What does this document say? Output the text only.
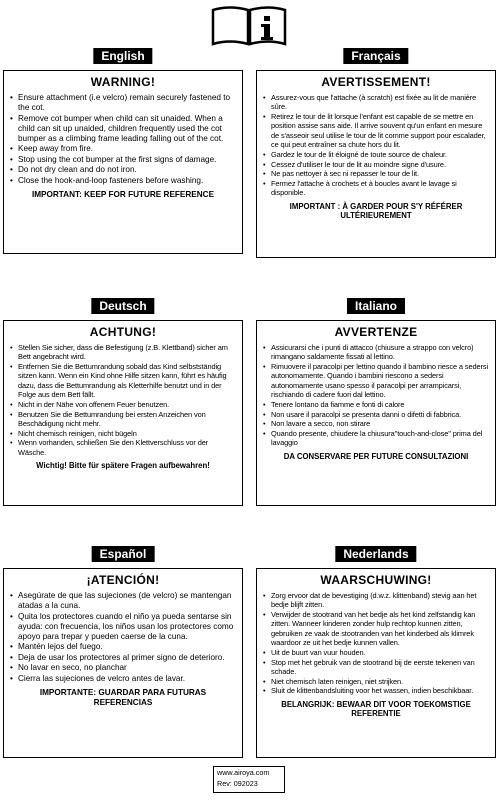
English
WARNING!
• Ensure attachment (i.e velcro) remain securely fastened to the cot.
• Remove cot bumper when child can sit unaided. When a child can sit up unaided, children frequently used the cot bumper as a climbing frame leading falling out of the cot.
• Keep away from fire.
• Stop using the cot bumper at the first signs of damage.
• Do not dry clean and do not iron.
• Close the hook-and-loop fasteners before washing.
IMPORTANT: KEEP FOR FUTURE REFERENCE
Français
AVERTISSEMENT!
• Assurez-vous que l'attache (à scratch) est fixée au lit de manière sûre.
• Retirez le tour de lit lorsque l'enfant est capable de se mettre en position assise sans aide. Il arrive souvent qu'un enfant en mesure de s'asseoir seul utilise le tour de lit comme support pour escalader, ce qui peut entraîner sa chute hors du lit.
• Gardez le tour de lit éloigné de toute source de chaleur.
• Cessez d'utiliser le tour de lit au moindre signe d'usure.
• Ne pas nettoyer à sec ni repasser le tour de lit.
• Fermez l'attache à crochets et à boucles avant le lavage si disponible.
IMPORTANT : À GARDER POUR S'Y RÉFÉRER ULTÉRIEUREMENT
Deutsch
ACHTUNG!
• Stellen Sie sicher, dass die Befestigung (z.B. Klettband) sicher am Bett angebracht wird.
• Entfernen Sie die Bettumrandung sobald das Kind selbstständig sitzen kann. Wenn ein Kind ohne Hilfe sitzen kann, führt es häufig dazu, dass die Bettumrandung als Kletterhilfe benutzt und in der Folge aus dem Bett fällt.
• Nicht in der Nähe von offenem Feuer benutzen.
• Benutzen Sie die Bettumrandung bei ersten Anzeichen von Beschädigung nicht mehr.
• Nicht chemisch reinigen, nicht bügeln
• Wenn vorhanden, schließen Sie den Klettverschluss vor der Wäsche.
Wichtig! Bitte für spätere Fragen aufbewahren!
Italiano
AVVERTENZE
• Assicurarsi che i punti di attacco (chiusure a strappo con velcro) rimangano saldamente fissati al lettino.
• Rimuovere il paracolpi per lettino quando il bambino riesce a sedersi autonomamente. Quando i bambini riescono a sedersi autonomamente usano spesso il paracolpi per arrampicarsi, rischiando di cadere fuori dal lettino.
• Tenere lontano da fiamme e fonti di calore
• Non usare il paracolpi se presenta danni o difetti di fabbrica.
• Non lavare a secco, non stirare
• Quando presente, chiudere la chiusura"touch-and-close" prima del lavaggio
DA CONSERVARE PER FUTURE CONSULTAZIONI
Español
¡ATENCIÓN!
• Asegúrate de que las sujeciones (de velcro) se mantengan atadas a la cuna.
• Quita los protectores cuando el niño ya pueda sentarse sin ayuda: con frecuencia, los niños usan los protectores como apoyo para trepar y pueden caerse de la cuna.
• Mantén lejos del fuego.
• Deja de usar los protectores al primer signo de deterioro.
• No lavar en seco, no planchar
• Cierra las sujeciones de velcro antes de lavar.
IMPORTANTE: GUARDAR PARA FUTURAS REFERENCIAS
Nederlands
WAARSCHUWING!
• Zorg ervoor dat de bevestiging (d.w.z. klittenband) stevig aan het bedje blijft zitten.
• Verwijder de stootrand van het bedje als het kind zelfstandig kan zitten. Wanneer kinderen zonder hulp rechtop kunnen zitten, gebruiken ze vaak de stootranden van het kinderbed als klimrek waardoor ze uit het bedje kunnen vallen.
• Uit de buurt van vuur houden.
• Stop met het gebruik van de stootrand bij de eerste tekenen van schade.
• Niet chemisch laten reinigen, niet strijken.
• Sluit de klittenbandsluiting voor het wassen, indien beschikbaar.
BELANGRIJK: BEWAAR DIT VOOR TOEKOMSTIGE REFERENTIE
www.airoya.com
Rev: 092023
